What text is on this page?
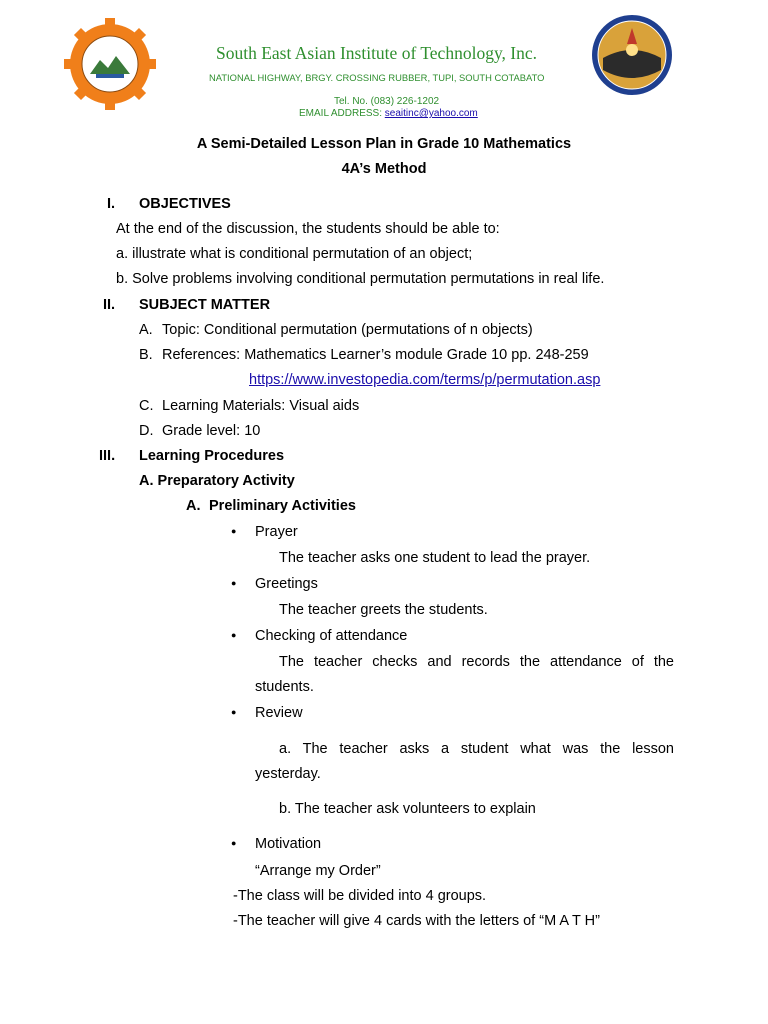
2006
South East Asian Institute of Technology, Inc.
NATIONAL HIGHWAY, BRGY. CROSSING RUBBER, TUPI, SOUTH COTABATO
Tel. No. (083) 226-1202
EMAIL ADDRESS: seaitinc@yahoo.com
A Semi-Detailed Lesson Plan in Grade 10 Mathematics
4A’s Method
I. OBJECTIVES
At the end of the discussion, the students should be able to:
a. illustrate what is conditional permutation of an object;
b. Solve problems involving conditional permutation permutations in real life.
II. SUBJECT MATTER
A. Topic: Conditional permutation (permutations of n objects)
B. References: Mathematics Learner’s module Grade 10 pp. 248-259
https://www.investopedia.com/terms/p/permutation.asp
C. Learning Materials: Visual aids
D. Grade level: 10
III. Learning Procedures
A. Preparatory Activity
A. Preliminary Activities
● Prayer
The teacher asks one student to lead the prayer.
● Greetings
The teacher greets the students.
● Checking of attendance
The teacher checks and records the attendance of the
students.
● Review
a. The teacher asks a student what was the lesson
yesterday.
b. The teacher ask volunteers to explain
● Motivation
“Arrange my Order”
-The class will be divided into 4 groups.
-The teacher will give 4 cards with the letters of “M A T H”
